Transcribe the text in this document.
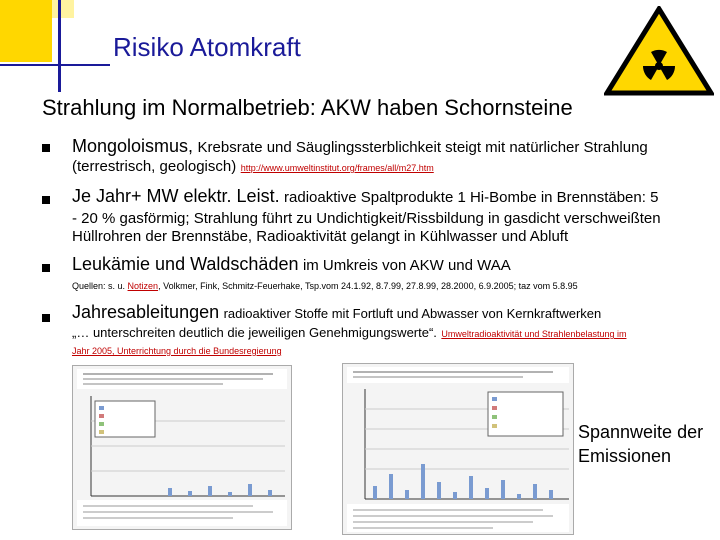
Risiko Atomkraft
Strahlung im Normalbetrieb: AKW haben Schornsteine
Mongoloismus, Krebsrate und Säuglingssterblichkeit steigt mit natürlicher Strahlung
(terrestrisch, geologisch) http://www.umweltinstitut.org/frames/all/m27.htm
Je Jahr+ MW elektr. Leist. radioaktive Spaltprodukte 1 Hi-Bombe in Brennstäben: 5
- 20 % gasförmig; Strahlung führt zu Undichtigkeit/Rissbildung in gasdicht verschweißten
Hüllrohren der Brennstäbe, Radioaktivität gelangt in Kühlwasser und Abluft
Leukämie und Waldschäden im Umkreis von AKW und WAA
Quellen: s. u. Notizen, Volkmer, Fink, Schmitz-Feuerhake, Tsp.vom 24.1.92, 8.7.99, 27.8.99, 28.2000, 6.9.2005; taz vom 5.8.95
Jahresableitungen radioaktiver Stoffe mit Fortluft und Abwasser von Kernkraftwerken
„… unterschreiten deutlich die jeweiligen Genehmigungswerte“. Umweltradioaktivität und Strahlenbelastung im
Jahr 2005, Unterrichtung durch die Bundesregierung
Spannweite der
Emissionen
